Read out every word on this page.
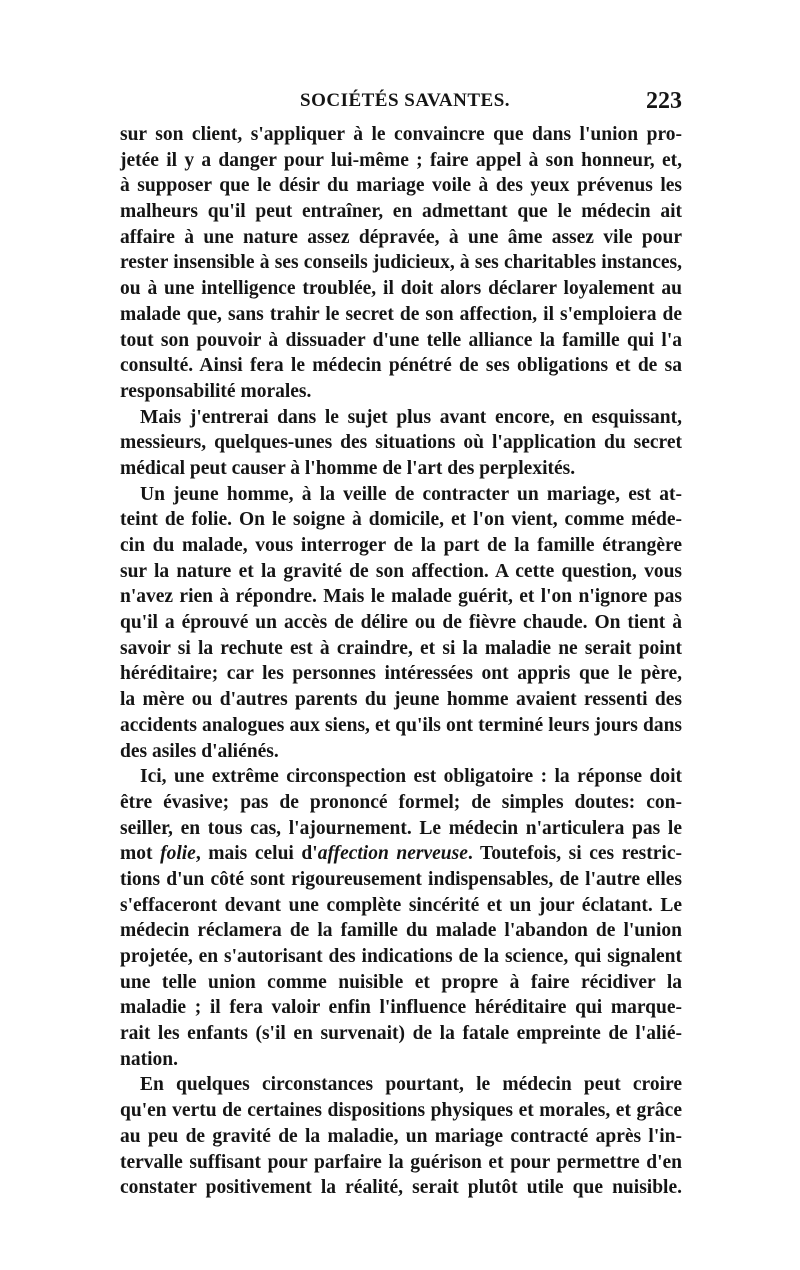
SOCIÉTÉS SAVANTES.	223
sur son client, s'appliquer à le convaincre que dans l'union pro-
jetée il y a danger pour lui-même ; faire appel à son honneur, et,
à supposer que le désir du mariage voile à des yeux prévenus les
malheurs qu'il peut entraîner, en admettant que le médecin ait
affaire à une nature assez dépravée, à une âme assez vile pour
rester insensible à ses conseils judicieux, à ses charitables instances,
ou à une intelligence troublée, il doit alors déclarer loyalement au
malade que, sans trahir le secret de son affection, il s'emploiera de
tout son pouvoir à dissuader d'une telle alliance la famille qui l'a
consulté. Ainsi fera le médecin pénétré de ses obligations et de sa
responsabilité morales.
Mais j'entrerai dans le sujet plus avant encore, en esquissant,
messieurs, quelques-unes des situations où l'application du secret
médical peut causer à l'homme de l'art des perplexités.
Un jeune homme, à la veille de contracter un mariage, est at-
teint de folie. On le soigne à domicile, et l'on vient, comme méde-
cin du malade, vous interroger de la part de la famille étrangère
sur la nature et la gravité de son affection. A cette question, vous
n'avez rien à répondre. Mais le malade guérit, et l'on n'ignore pas
qu'il a éprouvé un accès de délire ou de fièvre chaude. On tient à
savoir si la rechute est à craindre, et si la maladie ne serait point
héréditaire; car les personnes intéressées ont appris que le père,
la mère ou d'autres parents du jeune homme avaient ressenti des
accidents analogues aux siens, et qu'ils ont terminé leurs jours dans
des asiles d'aliénés.
Ici, une extrême circonspection est obligatoire : la réponse doit
être évasive; pas de prononcé formel; de simples doutes: con-
seiller, en tous cas, l'ajournement. Le médecin n'articulera pas le
mot folie, mais celui d'affection nerveuse. Toutefois, si ces restric-
tions d'un côté sont rigoureusement indispensables, de l'autre elles
s'effaceront devant une complète sincérité et un jour éclatant. Le
médecin réclamera de la famille du malade l'abandon de l'union
projetée, en s'autorisant des indications de la science, qui signalent
une telle union comme nuisible et propre à faire récidiver la
maladie ; il fera valoir enfin l'influence héréditaire qui marque-
rait les enfants (s'il en survenait) de la fatale empreinte de l'alié-
nation.
En quelques circonstances pourtant, le médecin peut croire
qu'en vertu de certaines dispositions physiques et morales, et grâce
au peu de gravité de la maladie, un mariage contracté après l'in-
tervalle suffisant pour parfaire la guérison et pour permettre d'en
constater positivement la réalité, serait plutôt utile que nuisible.
